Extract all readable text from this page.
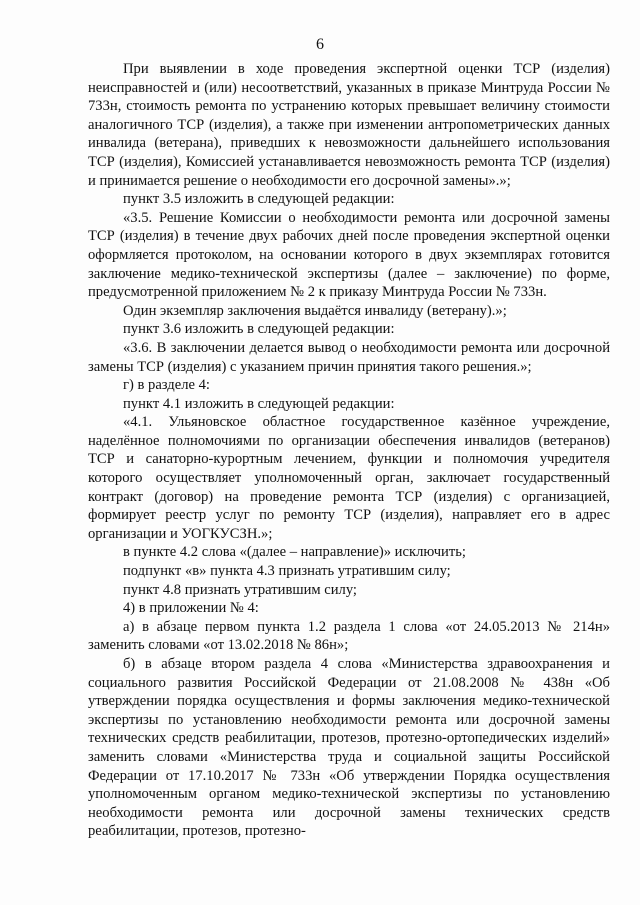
6

При выявлении в ходе проведения экспертной оценки ТСР (изделия) неисправностей и (или) несоответствий, указанных в приказе Минтруда России № 733н, стоимость ремонта по устранению которых превышает величину стоимости аналогичного ТСР (изделия), а также при изменении антропометрических данных инвалида (ветерана), приведших к невозможности дальнейшего использования ТСР (изделия), Комиссией устанавливается невозможность ремонта ТСР (изделия) и принимается решение о необходимости его досрочной замены».»;

пункт 3.5 изложить в следующей редакции:

«3.5. Решение Комиссии о необходимости ремонта или досрочной замены ТСР (изделия) в течение двух рабочих дней после проведения экспертной оценки оформляется протоколом, на основании которого в двух экземплярах готовится заключение медико-технической экспертизы (далее – заключение) по форме, предусмотренной приложением № 2 к приказу Минтруда России № 733н.

Один экземпляр заключения выдаётся инвалиду (ветерану).»;

пункт 3.6 изложить в следующей редакции:

«3.6. В заключении делается вывод о необходимости ремонта или досрочной замены ТСР (изделия) с указанием причин принятия такого решения.»;

г) в разделе 4:

пункт 4.1 изложить в следующей редакции:

«4.1. Ульяновское областное государственное казённое учреждение, наделённое полномочиями по организации обеспечения инвалидов (ветеранов) ТСР и санаторно-курортным лечением, функции и полномочия учредителя которого осуществляет уполномоченный орган, заключает государственный контракт (договор) на проведение ремонта ТСР (изделия) с организацией, формирует реестр услуг по ремонту ТСР (изделия), направляет его в адрес организации и УОГКУСЗН.»;

в пункте 4.2 слова «(далее – направление)» исключить;

подпункт «в» пункта 4.3 признать утратившим силу;

пункт 4.8 признать утратившим силу;

4) в приложении № 4:

а) в абзаце первом пункта 1.2 раздела 1 слова «от 24.05.2013 № 214н» заменить словами «от 13.02.2018 № 86н»;

б) в абзаце втором раздела 4 слова «Министерства здравоохранения и социального развития Российской Федерации от 21.08.2008 № 438н «Об утверждении порядка осуществления и формы заключения медико-технической экспертизы по установлению необходимости ремонта или досрочной замены технических средств реабилитации, протезов, протезно-ортопедических изделий» заменить словами «Министерства труда и социальной защиты Российской Федерации от 17.10.2017 № 733н «Об утверждении Порядка осуществления уполномоченным органом медико-технической экспертизы по установлению необходимости ремонта или досрочной замены технических средств реабилитации, протезов, протезно-
